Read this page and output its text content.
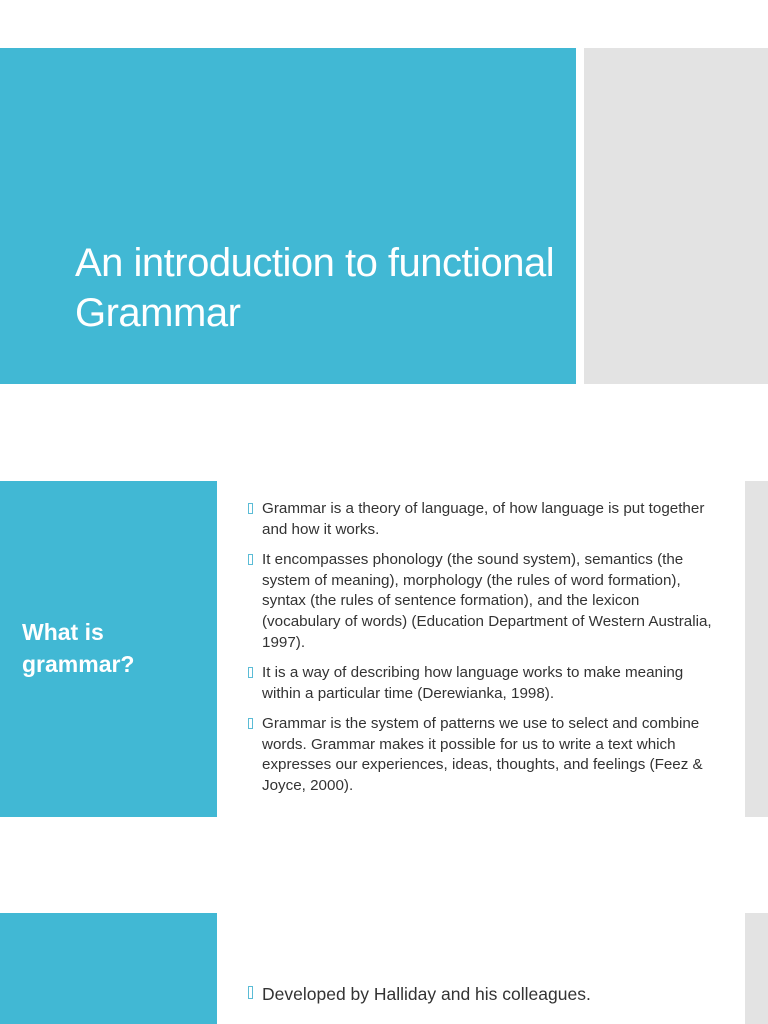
An introduction to functional Grammar
What is grammar?
Grammar is a theory of language, of how language is put together and how it works.
It encompasses phonology (the sound system), semantics (the system of meaning), morphology (the rules of word formation), syntax (the rules of sentence formation), and the lexicon (vocabulary of words) (Education Department of Western Australia, 1997).
It is a way of describing how language works to make meaning within a particular time (Derewianka, 1998).
Grammar is the system of patterns we use to select and combine words. Grammar makes it possible for us to write a text which expresses our experiences, ideas, thoughts, and feelings (Feez & Joyce, 2000).
Developed by Halliday and his colleagues.
